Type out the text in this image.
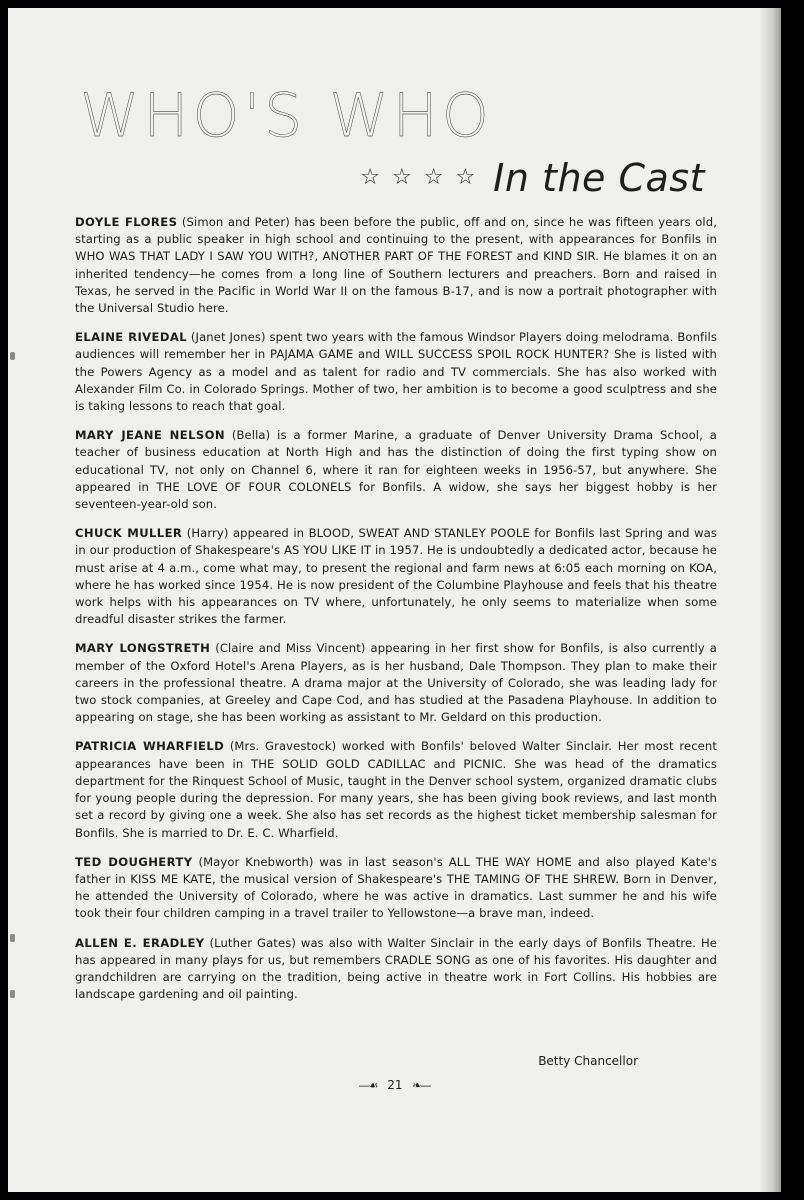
WHO'S WHO
☆ ☆ ☆ ☆ In the Cast

DOYLE FLORES (Simon and Peter) has been before the public, off and on, since he was fifteen years old, starting as a public speaker in high school and continuing to the present, with appearances for Bonfils in WHO WAS THAT LADY I SAW YOU WITH?, ANOTHER PART OF THE FOREST and KIND SIR. He blames it on an inherited tendency—he comes from a long line of Southern lecturers and preachers. Born and raised in Texas, he served in the Pacific in World War II on the famous B-17, and is now a portrait photographer with the Universal Studio here.

ELAINE RIVEDAL (Janet Jones) spent two years with the famous Windsor Players doing melodrama. Bonfils audiences will remember her in PAJAMA GAME and WILL SUCCESS SPOIL ROCK HUNTER? She is listed with the Powers Agency as a model and as talent for radio and TV commercials. She has also worked with Alexander Film Co. in Colorado Springs. Mother of two, her ambition is to become a good sculptress and she is taking lessons to reach that goal.

MARY JEANE NELSON (Bella) is a former Marine, a graduate of Denver University Drama School, a teacher of business education at North High and has the distinction of doing the first typing show on educational TV, not only on Channel 6, where it ran for eighteen weeks in 1956-57, but anywhere. She appeared in THE LOVE OF FOUR COLONELS for Bonfils. A widow, she says her biggest hobby is her seventeen-year-old son.

CHUCK MULLER (Harry) appeared in BLOOD, SWEAT AND STANLEY POOLE for Bonfils last Spring and was in our production of Shakespeare's AS YOU LIKE IT in 1957. He is undoubtedly a dedicated actor, because he must arise at 4 a.m., come what may, to present the regional and farm news at 6:05 each morning on KOA, where he has worked since 1954. He is now president of the Columbine Playhouse and feels that his theatre work helps with his appearances on TV where, unfortunately, he only seems to materialize when some dreadful disaster strikes the farmer.

MARY LONGSTRETH (Claire and Miss Vincent) appearing in her first show for Bonfils, is also currently a member of the Oxford Hotel's Arena Players, as is her husband, Dale Thompson. They plan to make their careers in the professional theatre. A drama major at the University of Colorado, she was leading lady for two stock companies, at Greeley and Cape Cod, and has studied at the Pasadena Playhouse. In addition to appearing on stage, she has been working as assistant to Mr. Geldard on this production.

PATRICIA WHARFIELD (Mrs. Gravestock) worked with Bonfils' beloved Walter Sinclair. Her most recent appearances have been in THE SOLID GOLD CADILLAC and PICNIC. She was head of the dramatics department for the Rinquest School of Music, taught in the Denver school system, organized dramatic clubs for young people during the depression. For many years, she has been giving book reviews, and last month set a record by giving one a week. She also has set records as the highest ticket membership salesman for Bonfils. She is married to Dr. E. C. Wharfield.

TED DOUGHERTY (Mayor Knebworth) was in last season's ALL THE WAY HOME and also played Kate's father in KISS ME KATE, the musical version of Shakespeare's THE TAMING OF THE SHREW. Born in Denver, he attended the University of Colorado, where he was active in dramatics. Last summer he and his wife took their four children camping in a travel trailer to Yellowstone—a brave man, indeed.

ALLEN E. ERADLEY (Luther Gates) was also with Walter Sinclair in the early days of Bonfils Theatre. He has appeared in many plays for us, but remembers CRADLE SONG as one of his favorites. His daughter and grandchildren are carrying on the tradition, being active in theatre work in Fort Collins. His hobbies are landscape gardening and oil painting.

Betty Chancellor
—☙ 21 ❧—
